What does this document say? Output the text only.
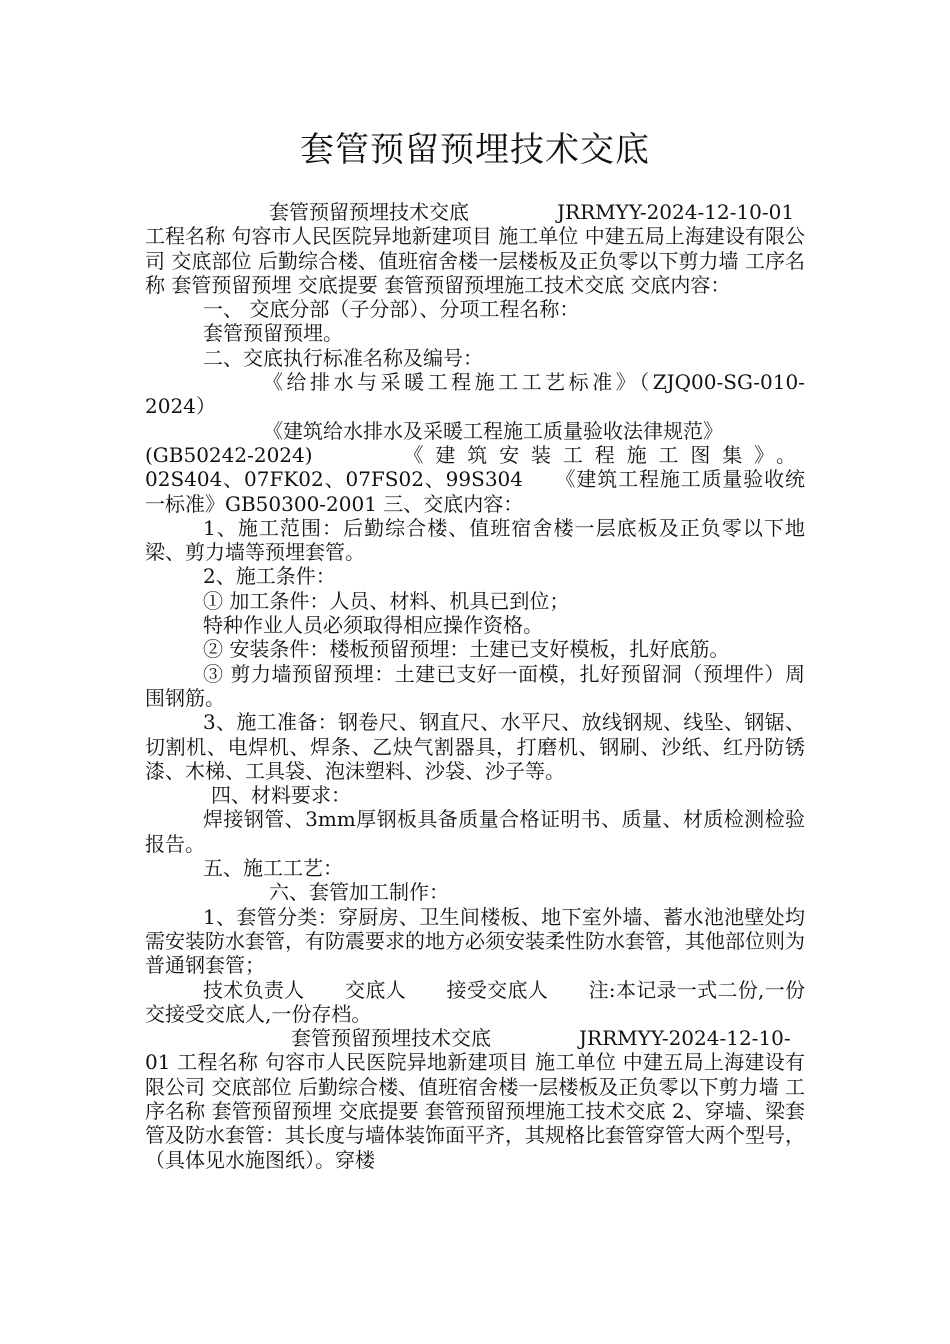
套管预留预埋技术交底

套管预留预埋技术交底	JRRMYY-2024-12-10-01

工程名称 句容市人民医院异地新建项目 施工单位 中建五局上海建设有限公司 交底部位 后勤综合楼、值班宿舍楼一层楼板及正负零以下剪力墙 工序名称 套管预留预埋 交底提要 套管预留预埋施工技术交底 交底内容：

一、 交底分部（子分部）、分项工程名称：

套管预留预埋。

二、交底执行标准名称及编号：

《给排水与采暖工程施工工艺标准》（ZJQ00-SG-010-2024）

《建筑给水排水及采暖工程施工质量验收法律规范》

(GB50242-2024)	《建筑安装工程施工图集》。

02S404、07FK02、07FS02、99S304　　《建筑工程施工质量验收统一标准》GB50300-2001 三、交底内容：

1、施工范围：后勤综合楼、值班宿舍楼一层底板及正负零以下地梁、剪力墙等预埋套管。

2、施工条件：

① 加工条件：人员、材料、机具已到位；

特种作业人员必须取得相应操作资格。

② 安装条件：楼板预留预埋：土建已支好模板，扎好底筋。

③ 剪力墙预留预埋：土建已支好一面模，扎好预留洞（预埋件）周围钢筋。

3、施工准备：钢卷尺、钢直尺、水平尺、放线钢规、线坠、钢锯、切割机、电焊机、焊条、乙炔气割器具，打磨机、钢刷、沙纸、红丹防锈漆、木梯、工具袋、泡沫塑料、沙袋、沙子等。

四、材料要求：

焊接钢管、3mm厚钢板具备质量合格证明书、质量、材质检测检验报告。

五、施工工艺：

六、套管加工制作：

1、套管分类：穿厨房、卫生间楼板、地下室外墙、蓄水池池壁处均需安装防水套管，有防震要求的地方必须安装柔性防水套管，其他部位则为普通钢套管；

技术负责人　　交底人　　接受交底人　　注:本记录一式二份,一份交接受交底人,一份存档。

套管预留预埋技术交底	JRRMYY-2024-12-10-

01 工程名称 句容市人民医院异地新建项目 施工单位 中建五局上海建设有限公司 交底部位 后勤综合楼、值班宿舍楼一层楼板及正负零以下剪力墙 工序名称 套管预留预埋 交底提要 套管预留预埋施工技术交底 2、穿墙、梁套管及防水套管：其长度与墙体装饰面平齐，其规格比套管穿管大两个型号，（具体见水施图纸）。穿楼
